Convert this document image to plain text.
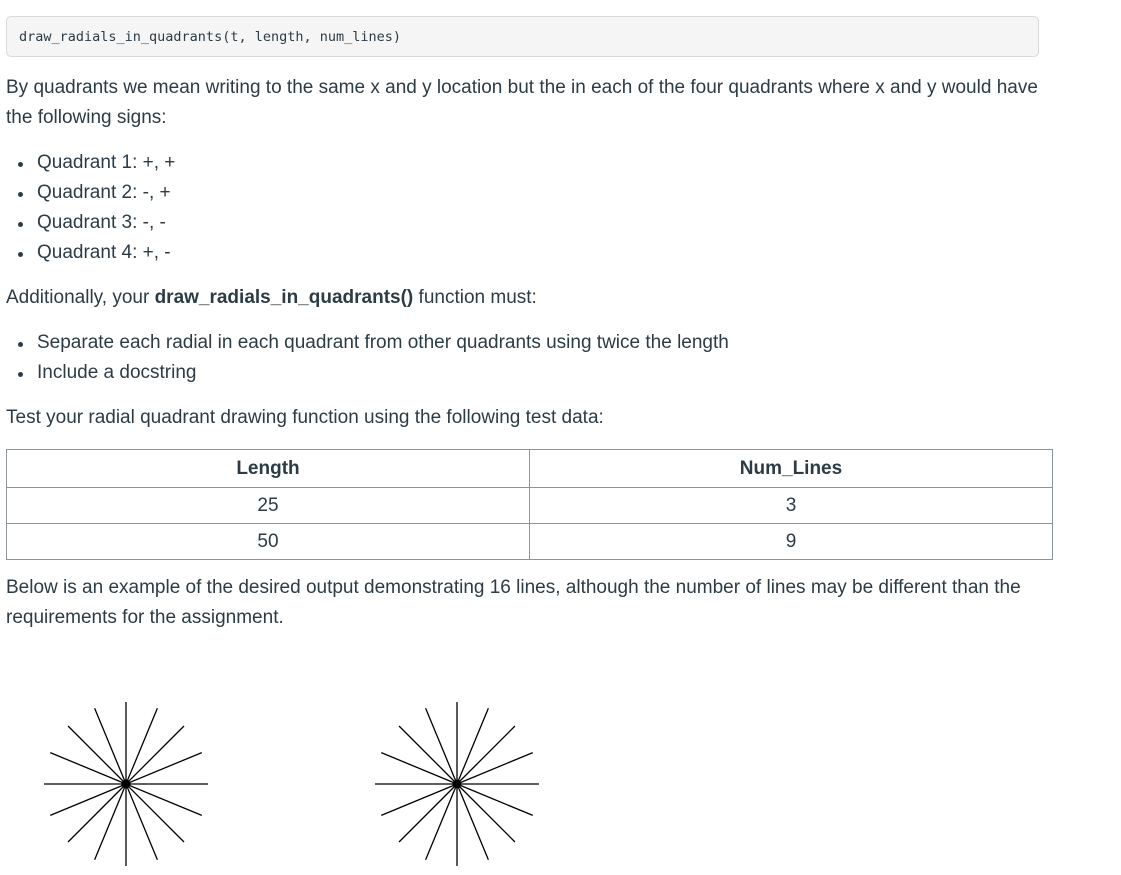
draw_radials_in_quadrants(t, length, num_lines)

By quadrants we mean writing to the same x and y location but the in each of the four quadrants where x and y would have the following signs:

Quadrant 1: +, +
Quadrant 2: -, +
Quadrant 3: -, -
Quadrant 4: +, -

Additionally, your draw_radials_in_quadrants() function must:

Separate each radial in each quadrant from other quadrants using twice the length
Include a docstring

Test your radial quadrant drawing function using the following test data:

Length	Num_Lines
25	3
50	9

Below is an example of the desired output demonstrating 16 lines, although the number of lines may be different than the requirements for the assignment.
